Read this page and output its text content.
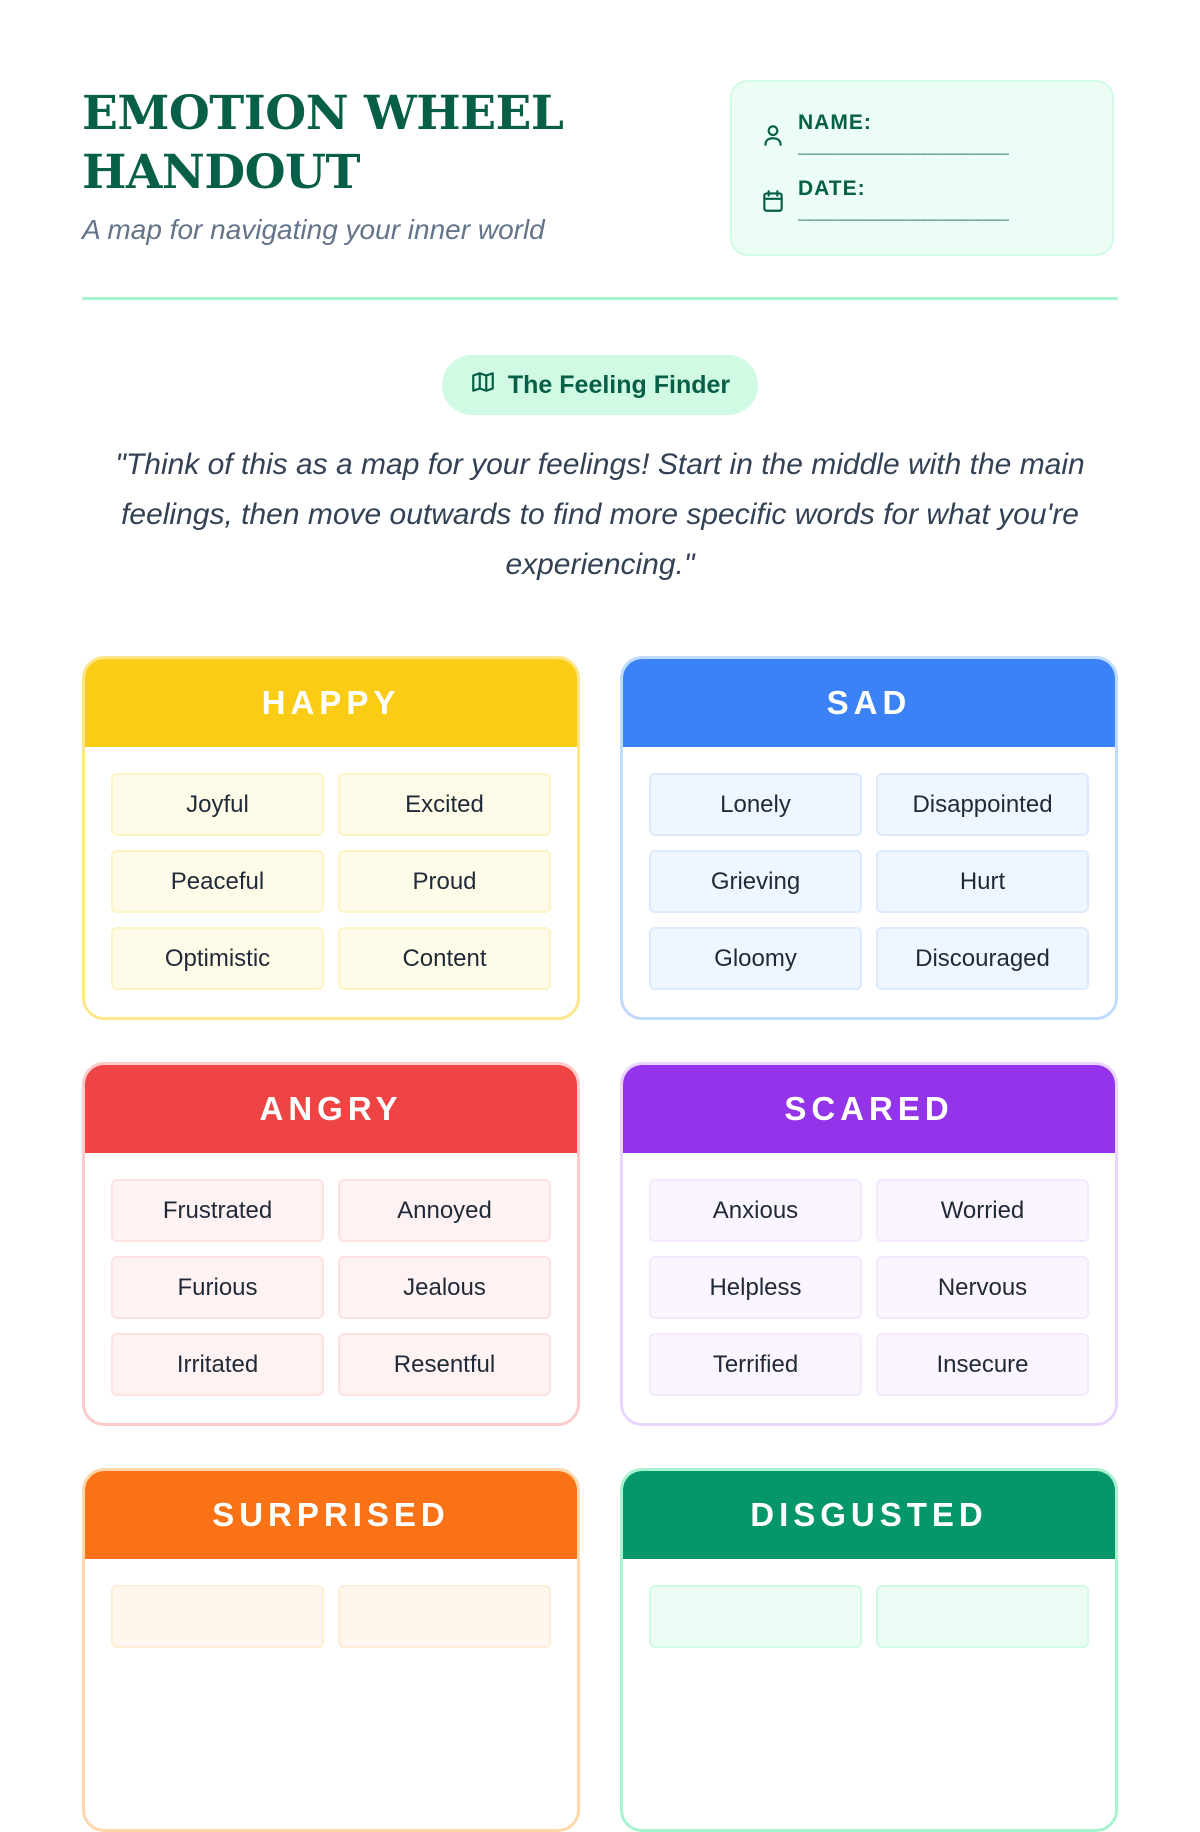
EMOTION WHEEL HANDOUT

A map for navigating your inner world

NAME:
____________________
DATE:
____________________
The Feeling Finder

"Think of this as a map for your feelings! Start in the middle with the main feelings, then move outwards to find more specific words for what you're experiencing."

HAPPY
Joyful	Excited
Peaceful	Proud
Optimistic	Content
SAD
Lonely	Disappointed
Grieving	Hurt
Gloomy	Discouraged
ANGRY
Frustrated	Annoyed
Furious	Jealous
Irritated	Resentful
SCARED
Anxious	Worried
Helpless	Nervous
Terrified	Insecure
SURPRISED	DISGUSTED
